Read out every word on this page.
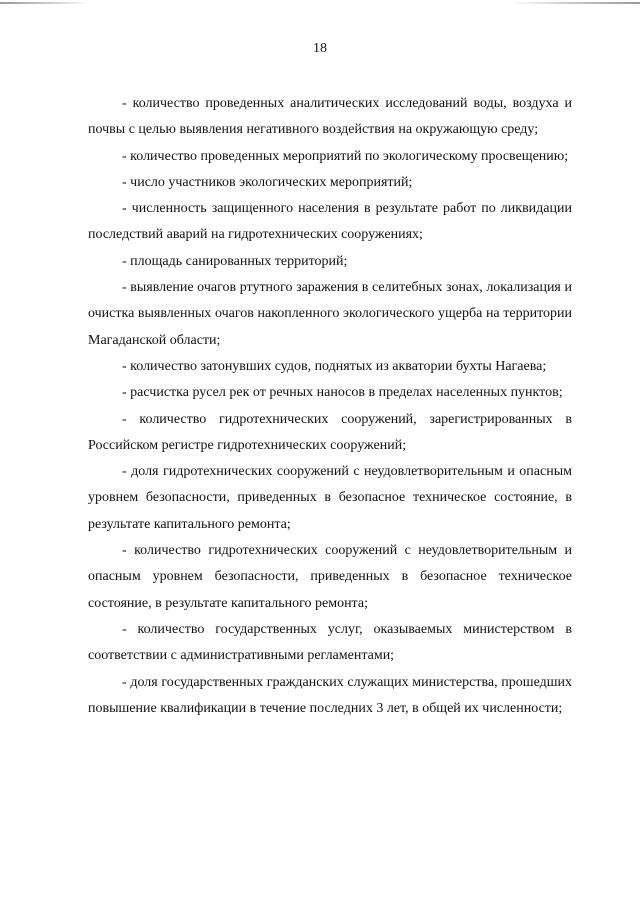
18

- количество проведенных аналитических исследований воды, воздуха и почвы с целью выявления негативного воздействия на окружающую среду;

- количество проведенных мероприятий по экологическому просвещению;

- число участников экологических мероприятий;

- численность защищенного населения в результате работ по ликвидации последствий аварий на гидротехнических сооружениях;

- площадь санированных территорий;

- выявление очагов ртутного заражения в селитебных зонах, локализация и очистка выявленных очагов накопленного экологического ущерба на территории Магаданской области;

- количество затонувших судов, поднятых из акватории бухты Нагаева;

- расчистка русел рек от речных наносов в пределах населенных пунктов;

- количество гидротехнических сооружений, зарегистрированных в Российском регистре гидротехнических сооружений;

- доля гидротехнических сооружений с неудовлетворительным и опасным уровнем безопасности, приведенных в безопасное техническое состояние, в результате капитального ремонта;

- количество гидротехнических сооружений с неудовлетворительным и опасным уровнем безопасности, приведенных в безопасное техническое состояние, в результате капитального ремонта;

- количество государственных услуг, оказываемых министерством в соответствии с административными регламентами;

- доля государственных гражданских служащих министерства, прошедших повышение квалификации в течение последних 3 лет, в общей их численности;
